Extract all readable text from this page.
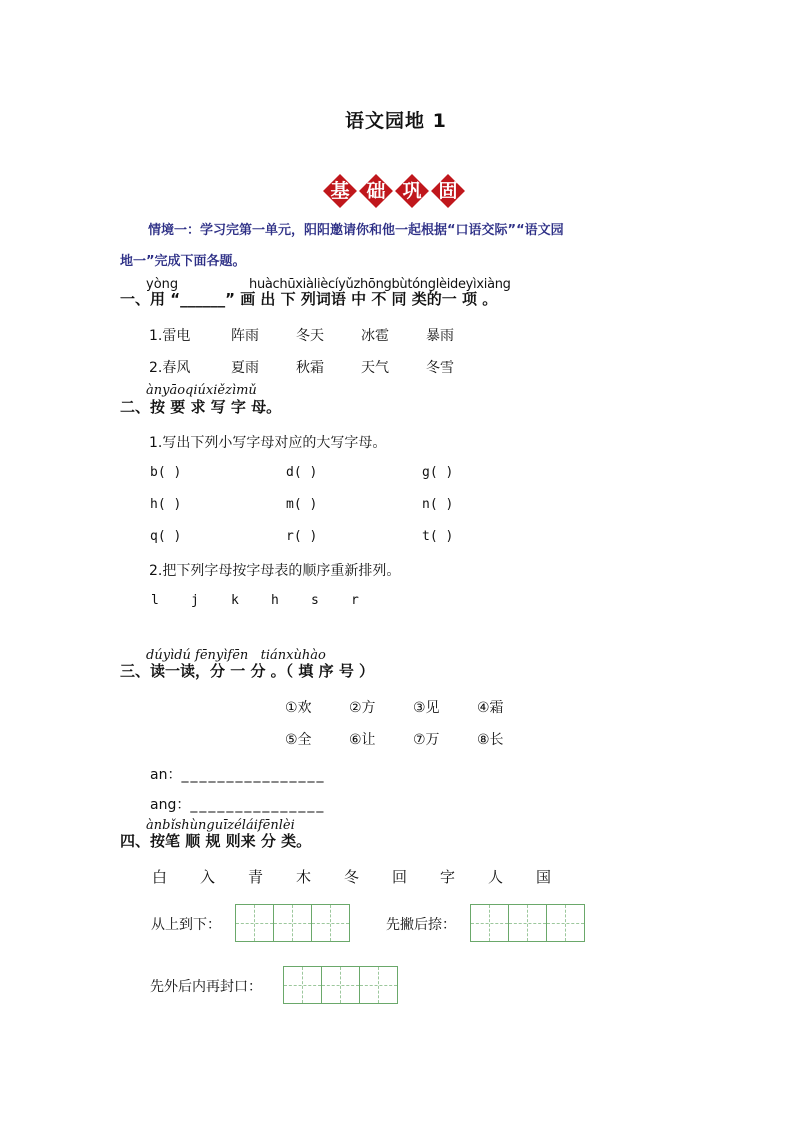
语文园地 1
基 础 巩 固
情境一：学习完第一单元，阳阳邀请你和他一起根据“口语交际”“语文园
地一”完成下面各题。
yòng	huàchūxiàlièсíyǔzhōngbùtónglèideyìxiàng
一、用 “______” 画 出 下 列词语 中 不 同 类的一 项 。
1.雷电	阵雨	冬天	冰雹	暴雨
2.春风	夏雨	秋霜	天气	冬雪
ànyāoqiúxiězìmǔ
二、按 要 求 写 字 母。
1.写出下列小写字母对应的大写字母。
b( )	d( )	g( )
h( )	m( )	n( )
q( )	r( )	t( )
2.把下列字母按字母表的顺序重新排列。
l j k h s r
dúyìdú fēnyìfēn   tiánxùhào
三、读一读，分 一 分 。（ 填 序 号 ）
①欢	②方	③见	④霜
⑤全	⑥让	⑦万	⑧长
an：________________
ang：_______________
ànbǐshùnguīzéláifēnlèi
四、按笔 顺 规 则来 分 类。
白 入 青 木 冬 回 字 人 国
从上到下：	先撇后捺：
先外后内再封口：
